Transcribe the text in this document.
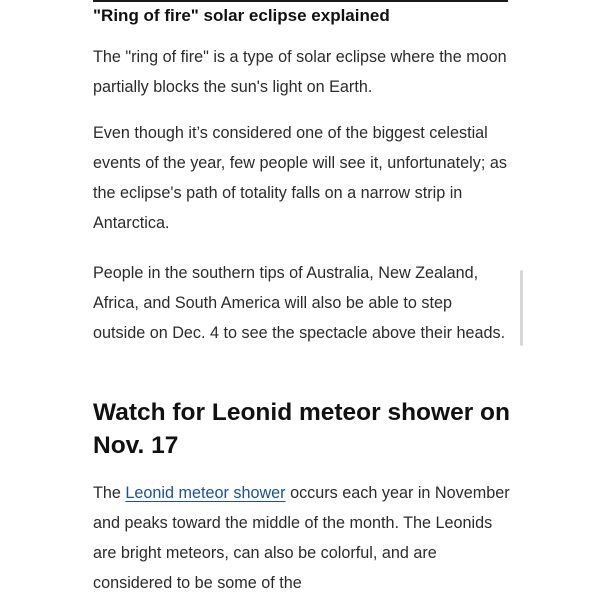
"Ring of fire" solar eclipse explained

The "ring of fire" is a type of solar eclipse where the moon partially blocks the sun's light on Earth.

Even though it’s considered one of the biggest celestial events of the year, few people will see it, unfortunately; as the eclipse's path of totality falls on a narrow strip in Antarctica.

People in the southern tips of Australia, New Zealand, Africa, and South America will also be able to step outside on Dec. 4 to see the spectacle above their heads.

Watch for Leonid meteor shower on Nov. 17

The Leonid meteor shower occurs each year in November and peaks toward the middle of the month. The Leonids are bright meteors, can also be colorful, and are considered to be some of the
